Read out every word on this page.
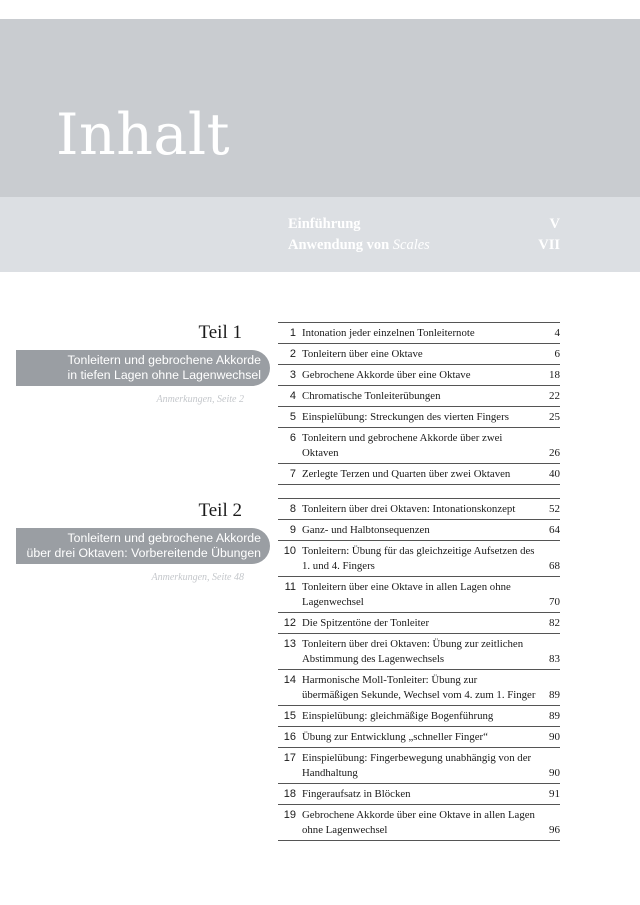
Inhalt
Einführung	V
Anwendung von Scales	VII
Teil 1
Tonleitern und gebrochene Akkorde
in tiefen Lagen ohne Lagenwechsel
Anmerkungen, Seite 2
1 Intonation jeder einzelnen Tonleiternote	4
2 Tonleitern über eine Oktave	6
3 Gebrochene Akkorde über eine Oktave	18
4 Chromatische Tonleiterübungen	22
5 Einspielübung: Streckungen des vierten Fingers	25
6 Tonleitern und gebrochene Akkorde über zwei Oktaven	26
7 Zerlegte Terzen und Quarten über zwei Oktaven	40
Teil 2
Tonleitern und gebrochene Akkorde
über drei Oktaven: Vorbereitende Übungen
Anmerkungen, Seite 48
8 Tonleitern über drei Oktaven: Intonationskonzept	52
9 Ganz- und Halbtonsequenzen	64
10 Tonleitern: Übung für das gleichzeitige Aufsetzen des 1. und 4. Fingers	68
11 Tonleitern über eine Oktave in allen Lagen ohne Lagenwechsel	70
12 Die Spitzentöne der Tonleiter	82
13 Tonleitern über drei Oktaven: Übung zur zeitlichen Abstimmung des Lagenwechsels	83
14 Harmonische Moll-Tonleiter: Übung zur übermäßigen Sekunde, Wechsel vom 4. zum 1. Finger 89
15 Einspielübung: gleichmäßige Bogenführung	89
16 Übung zur Entwicklung „schneller Finger“	90
17 Einspielübung: Fingerbewegung unabhängig von der Handhaltung	90
18 Fingeraufsatz in Blöcken	91
19 Gebrochene Akkorde über eine Oktave in allen Lagen ohne Lagenwechsel	96
